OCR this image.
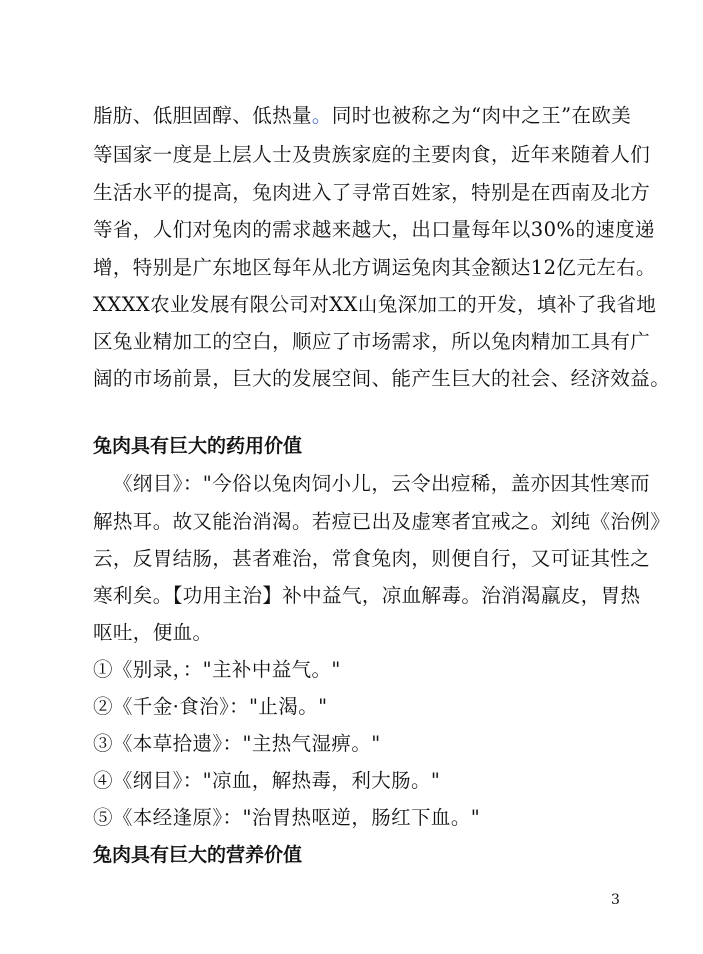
脂肪、低胆固醇、低热量。同时也被称之为“肉中之王”在欧美
等国家一度是上层人士及贵族家庭的主要肉食，近年来随着人们
生活水平的提高，兔肉进入了寻常百姓家，特别是在西南及北方
等省，人们对兔肉的需求越来越大，出口量每年以30%的速度递
增，特别是广东地区每年从北方调运兔肉其金额达12亿元左右。
XXXX农业发展有限公司对XX山兔深加工的开发，填补了我省地
区兔业精加工的空白，顺应了市场需求，所以兔肉精加工具有广
阔的市场前景，巨大的发展空间、能产生巨大的社会、经济效益。
兔肉具有巨大的药用价值
《纲目》："今俗以兔肉饲小儿，云令出痘稀，盖亦因其性寒而
解热耳。故又能治消渴。若痘已出及虚寒者宜戒之。刘纯《治例》
云，反胃结肠，甚者难治，常食兔肉，则便自行，又可证其性之
寒利矣。【功用主治】补中益气，凉血解毒。治消渴羸皮，胃热
呕吐，便血。
①《别录，："主补中益气。"
②《千金·食治》："止渴。"
③《本草拾遗》："主热气湿痹。"
④《纲目》："凉血，解热毒，利大肠。"
⑤《本经逢原》："治胃热呕逆，肠红下血。"
兔肉具有巨大的营养价值
3
